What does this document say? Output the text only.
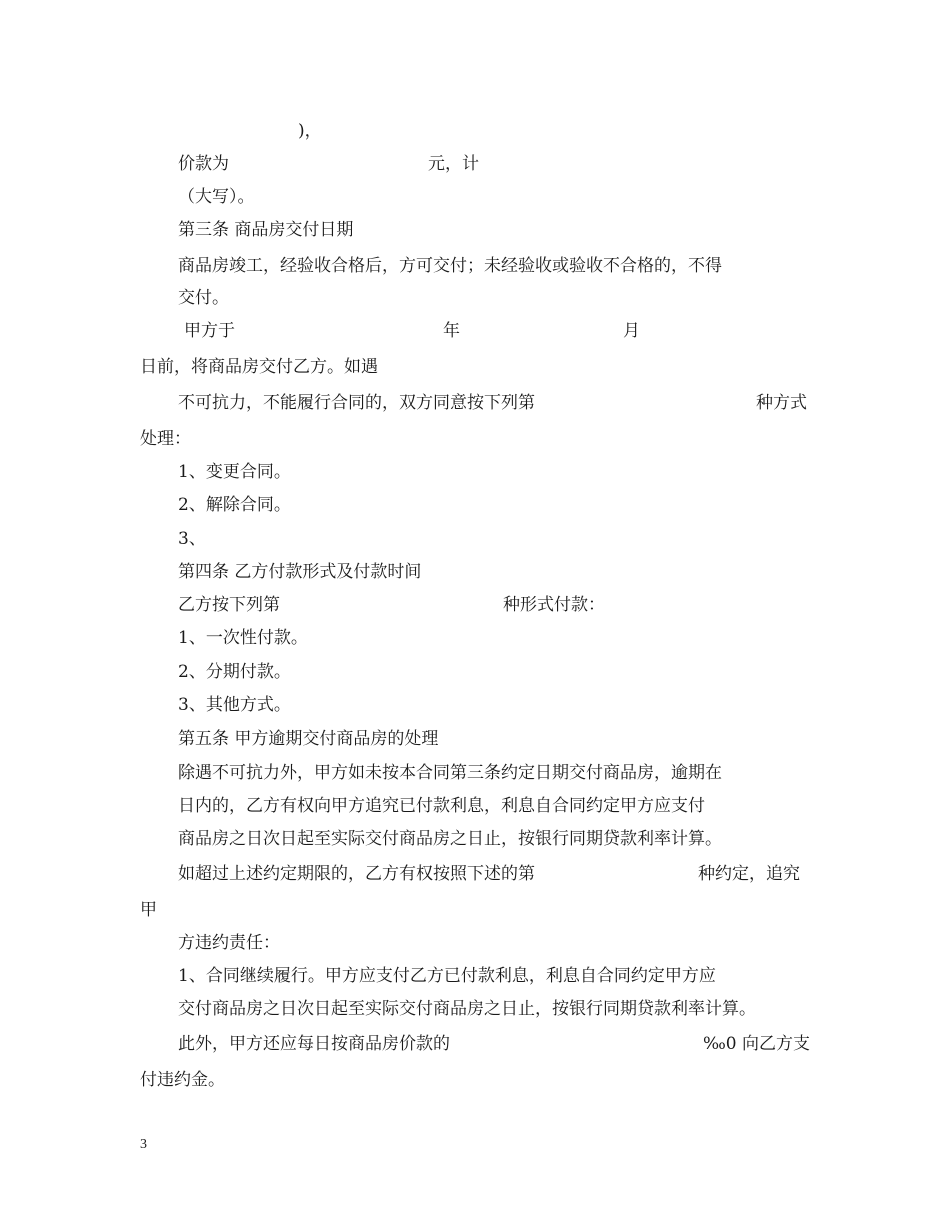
)，
价款为	元，计
（大写）。
第三条 商品房交付日期
商品房竣工，经验收合格后，方可交付；未经验收或验收不合格的，不得
交付。
甲方于	年	月
日前，将商品房交付乙方。如遇
不可抗力，不能履行合同的，双方同意按下列第	种方式
处理：
1、变更合同。
2、解除合同。
3、
第四条 乙方付款形式及付款时间
乙方按下列第	种形式付款：
1、一次性付款。
2、分期付款。
3、其他方式。
第五条 甲方逾期交付商品房的处理
除遇不可抗力外，甲方如未按本合同第三条约定日期交付商品房，逾期在
日内的，乙方有权向甲方追究已付款利息，利息自合同约定甲方应支付
商品房之日次日起至实际交付商品房之日止，按银行同期贷款利率计算。
如超过上述约定期限的，乙方有权按照下述的第	种约定，追究
甲
方违约责任：
1、合同继续履行。甲方应支付乙方已付款利息，利息自合同约定甲方应
交付商品房之日次日起至实际交付商品房之日止，按银行同期贷款利率计算。
此外，甲方还应每日按商品房价款的	‰0 向乙方支
付违约金。
3
